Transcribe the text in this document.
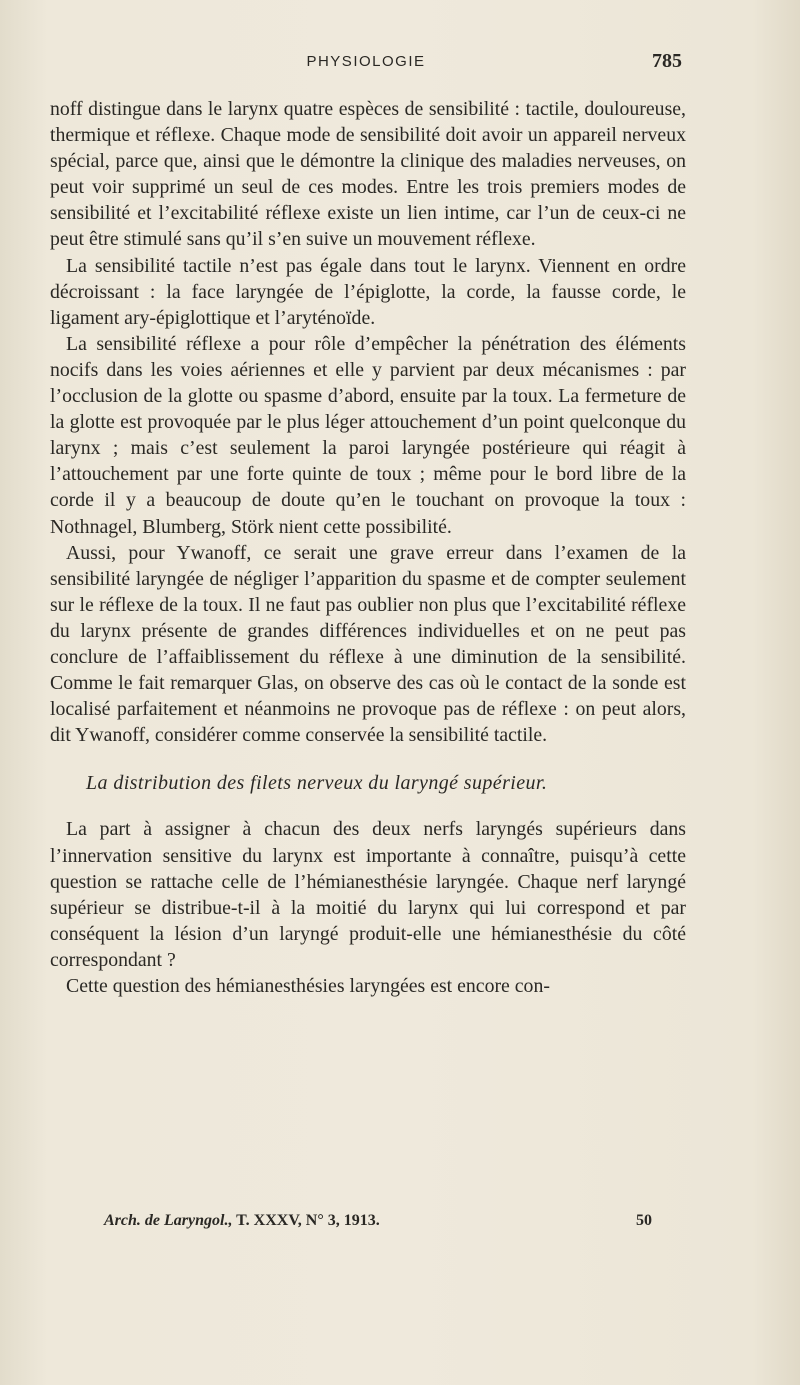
PHYSIOLOGIE	785

noff distingue dans le larynx quatre espèces de sensibilité : tactile, douloureuse, thermique et réflexe. Chaque mode de sensibilité doit avoir un appareil nerveux spécial, parce que, ainsi que le démontre la clinique des maladies nerveuses, on peut voir supprimé un seul de ces modes. Entre les trois premiers modes de sensibilité et l’excitabilité réflexe existe un lien intime, car l’un de ceux-ci ne peut être stimulé sans qu’il s’en suive un mouvement réflexe.

La sensibilité tactile n’est pas égale dans tout le larynx. Viennent en ordre décroissant : la face laryngée de l’épiglotte, la corde, la fausse corde, le ligament ary-épiglottique et l’aryténoïde.

La sensibilité réflexe a pour rôle d’empêcher la pénétration des éléments nocifs dans les voies aériennes et elle y parvient par deux mécanismes : par l’occlusion de la glotte ou spasme d’abord, ensuite par la toux. La fermeture de la glotte est provoquée par le plus léger attouchement d’un point quelconque du larynx ; mais c’est seulement la paroi laryngée postérieure qui réagit à l’attouchement par une forte quinte de toux ; même pour le bord libre de la corde il y a beaucoup de doute qu’en le touchant on provoque la toux : Nothnagel, Blumberg, Störk nient cette possibilité.

Aussi, pour Ywanoff, ce serait une grave erreur dans l’examen de la sensibilité laryngée de négliger l’apparition du spasme et de compter seulement sur le réflexe de la toux. Il ne faut pas oublier non plus que l’excitabilité réflexe du larynx présente de grandes différences individuelles et on ne peut pas conclure de l’affaiblissement du réflexe à une diminution de la sensibilité. Comme le fait remarquer Glas, on observe des cas où le contact de la sonde est localisé parfaitement et néanmoins ne provoque pas de réflexe : on peut alors, dit Ywanoff, considérer comme conservée la sensibilité tactile.

La distribution des filets nerveux du laryngé supérieur.

La part à assigner à chacun des deux nerfs laryngés supérieurs dans l’innervation sensitive du larynx est importante à connaître, puisqu’à cette question se rattache celle de l’hémianesthésie laryngée. Chaque nerf laryngé supérieur se distribue-t-il à la moitié du larynx qui lui correspond et par conséquent la lésion d’un laryngé produit-elle une hémianesthésie du côté correspondant ?

Cette question des hémianesthésies laryngées est encore con-

Arch. de Laryngol., T. XXXV, N° 3, 1913.	50
